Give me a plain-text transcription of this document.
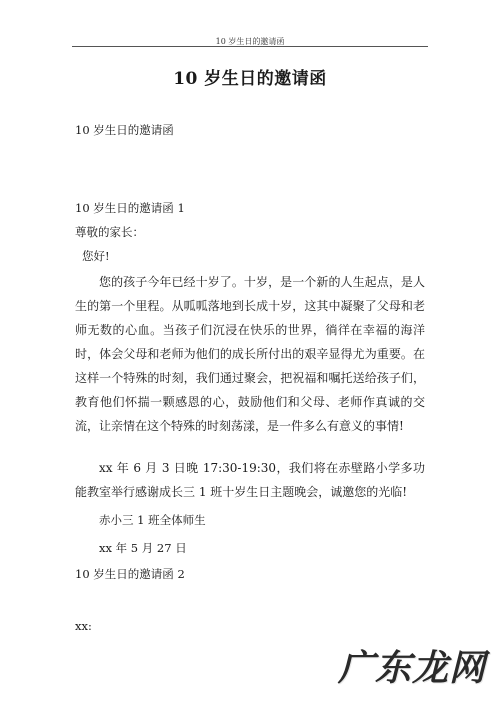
10 岁生日的邀请函
10 岁生日的邀请函
10 岁生日的邀请函
10 岁生日的邀请函 1
尊敬的家长：
您好!

您的孩子今年已经十岁了。十岁，是一个新的人生起点，是人生的第一个里程。从呱呱落地到长成十岁，这其中凝聚了父母和老师无数的心血。当孩子们沉浸在快乐的世界，徜徉在幸福的海洋时，体会父母和老师为他们的成长所付出的艰辛显得尤为重要。在这样一个特殊的时刻，我们通过聚会，把祝福和嘱托送给孩子们，教育他们怀揣一颗感恩的心，鼓励他们和父母、老师作真诚的交流，让亲情在这个特殊的时刻荡漾，是一件多么有意义的事情!

xx 年 6 月 3 日晚 17:30-19:30，我们将在赤壁路小学多功能教室举行感谢成长三 1 班十岁生日主题晚会，诚邀您的光临!

赤小三 1 班全体师生
xx 年 5 月 27 日
10 岁生日的邀请函 2
xx:
广东龙网
